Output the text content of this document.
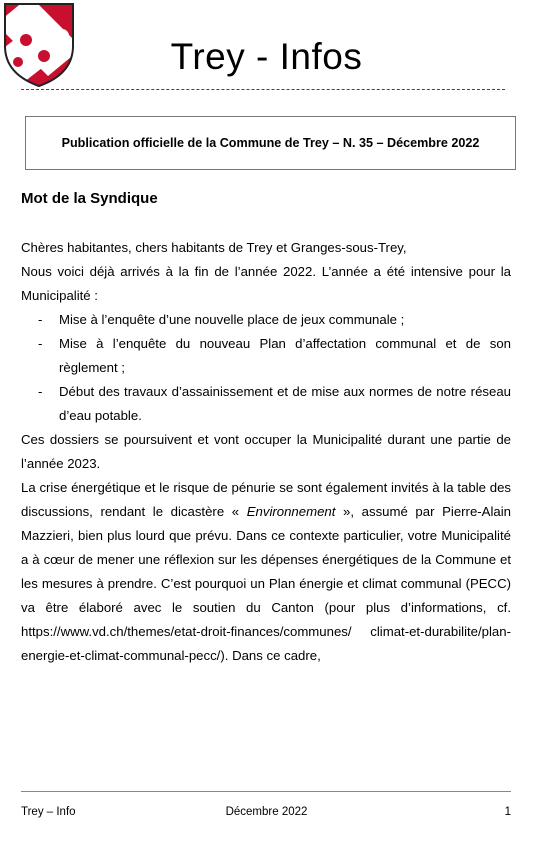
Trey - Infos
Publication officielle de la Commune de Trey – N. 35 – Décembre 2022
Mot de la Syndique

Chères habitantes, chers habitants de Trey et Granges-sous-Trey,

Nous voici déjà arrivés à la fin de l’année 2022. L’année a été intensive pour la Municipalité :

- Mise à l’enquête d’une nouvelle place de jeux communale ;
- Mise à l’enquête du nouveau Plan d’affectation communal et de son règlement ;
- Début des travaux d’assainissement et de mise aux normes de notre réseau d’eau potable.

Ces dossiers se poursuivent et vont occuper la Municipalité durant une partie de l’année 2023.

La crise énergétique et le risque de pénurie se sont également invités à la table des discussions, rendant le dicastère « Environnement », assumé par Pierre-Alain Mazzieri, bien plus lourd que prévu. Dans ce contexte particulier, votre Municipalité a à cœur de mener une réflexion sur les dépenses énergétiques de la Commune et les mesures à prendre. C’est pourquoi un Plan énergie et climat communal (PECC) va être élaboré avec le soutien du Canton (pour plus d’informations, cf. https://www.vd.ch/themes/etat-droit-finances/communes/ climat-et-durabilite/plan-energie-et-climat-communal-pecc/). Dans ce cadre,

Trey – Info	Décembre 2022	1
